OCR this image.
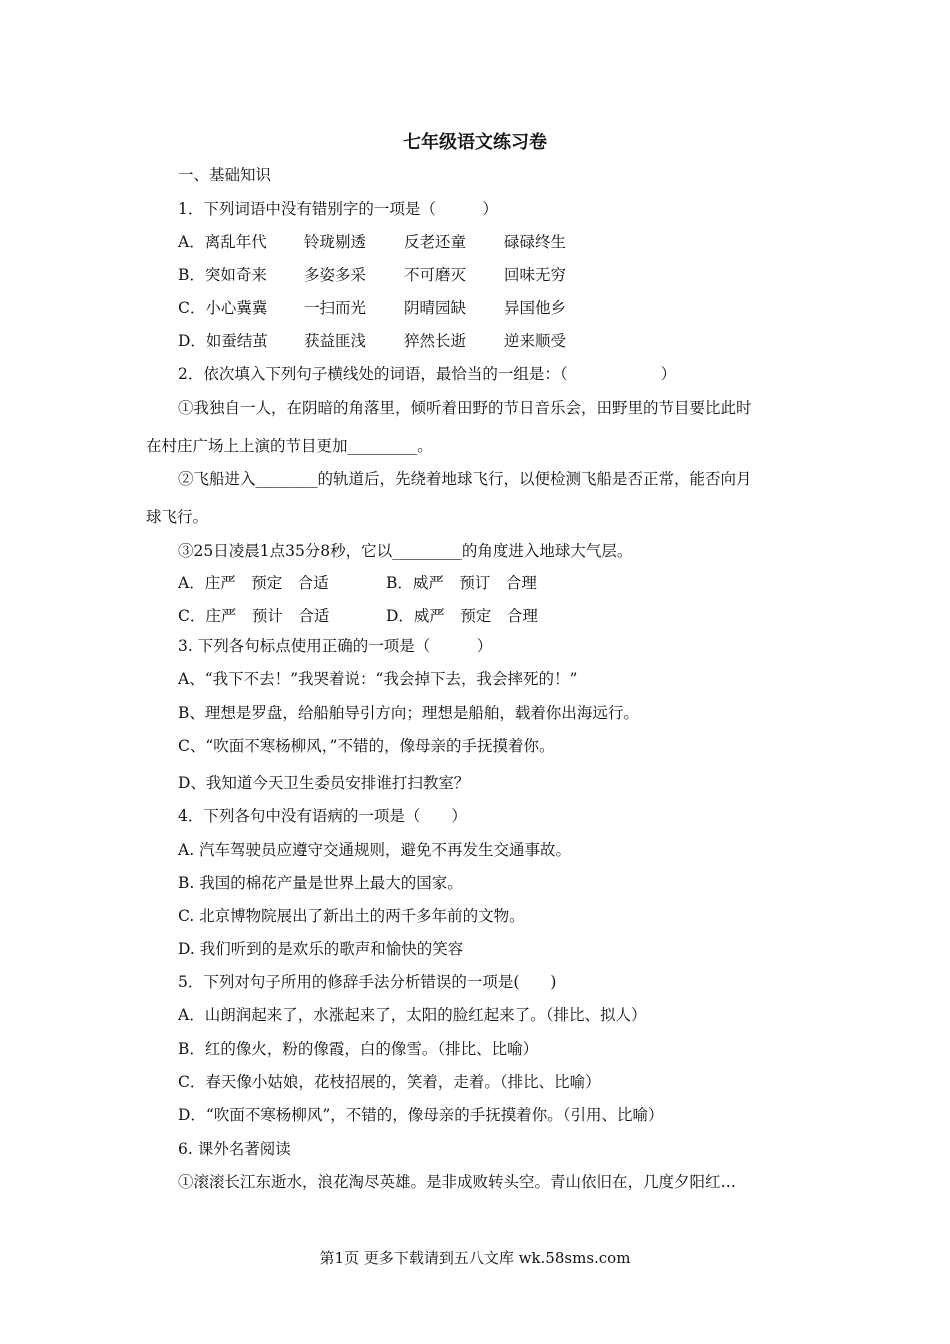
七年级语文练习卷
一、基础知识
1．下列词语中没有错别字的一项是（　　　）
A．离乱年代 铃珑剔透 反老还童 碌碌终生
B．突如奇来 多姿多采 不可磨灭 回味无穷
C．小心冀冀 一扫而光 阴晴园缺 异国他乡
D．如蚕结茧 获益匪浅 猝然长逝 逆来顺受
2．依次填入下列句子横线处的词语，最恰当的一组是：（　　　　　　）
①我独自一人，在阴暗的角落里，倾听着田野的节日音乐会，田野里的节目要比此时
在村庄广场上上演的节目更加_________。
②飞船进入________的轨道后，先绕着地球飞行，以便检测飞船是否正常，能否向月
球飞行。
③25日凌晨1点35分8秒，它以_________的角度进入地球大气层。
A．庄严　预定　合适	B．威严　预订　合理
C．庄严　预计　合适	D．威严　预定　合理
3. 下列各句标点使用正确的一项是（　　　）
A、“我下不去！”我哭着说：“我会掉下去，我会摔死的！”
B、理想是罗盘，给船舶导引方向；理想是船舶，载着你出海远行。
C、“吹面不寒杨柳风，”不错的，像母亲的手抚摸着你。
D、我知道今天卫生委员安排谁打扫教室？
4．下列各句中没有语病的一项是（　　）
A. 汽车驾驶员应遵守交通规则，避免不再发生交通事故。
B. 我国的棉花产量是世界上最大的国家。
C. 北京博物院展出了新出土的两千多年前的文物。
D. 我们听到的是欢乐的歌声和愉快的笑容
5．下列对句子所用的修辞手法分析错误的一项是(　　)
A．山朗润起来了，水涨起来了，太阳的脸红起来了。（排比、拟人）
B．红的像火，粉的像霞，白的像雪。（排比、比喻）
C．春天像小姑娘，花枝招展的，笑着，走着。（排比、比喻）
D．“吹面不寒杨柳风”，不错的，像母亲的手抚摸着你。（引用、比喻）
6. 课外名著阅读
①滚滚长江东逝水，浪花淘尽英雄。是非成败转头空。青山依旧在，几度夕阳红…
第1页 更多下载请到五八文库 wk.58sms.com
